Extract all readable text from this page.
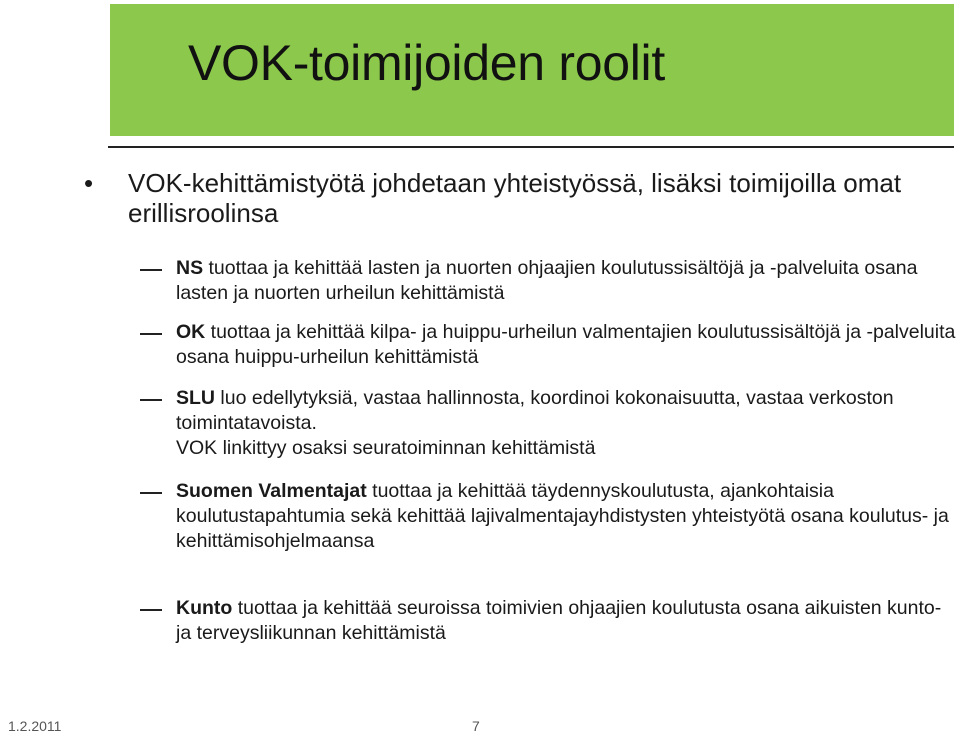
VOK-toimijoiden roolit
• VOK-kehittämistyötä johdetaan yhteistyössä, lisäksi toimijoilla omat erillisroolinsa
NS tuottaa ja kehittää lasten ja nuorten ohjaajien koulutussisältöjä ja -palveluita osana lasten ja nuorten urheilun kehittämistä
OK tuottaa ja kehittää kilpa- ja huippu-urheilun valmentajien koulutussisältöjä ja -palveluita osana huippu-urheilun kehittämistä
SLU luo edellytyksiä, vastaa hallinnosta, koordinoi kokonaisuutta, vastaa verkoston toimintatavoista.
VOK linkittyy osaksi seuratoiminnan kehittämistä
Suomen Valmentajat tuottaa ja kehittää täydennyskoulutusta, ajankohtaisia koulutustapahtumia sekä kehittää lajivalmentajayhdistysten yhteistyötä osana koulutus- ja kehittämisohjelmaansa
Kunto tuottaa ja kehittää seuroissa toimivien ohjaajien koulutusta osana aikuisten kunto- ja terveysliikunnan kehittämistä
1.2.2011	7
